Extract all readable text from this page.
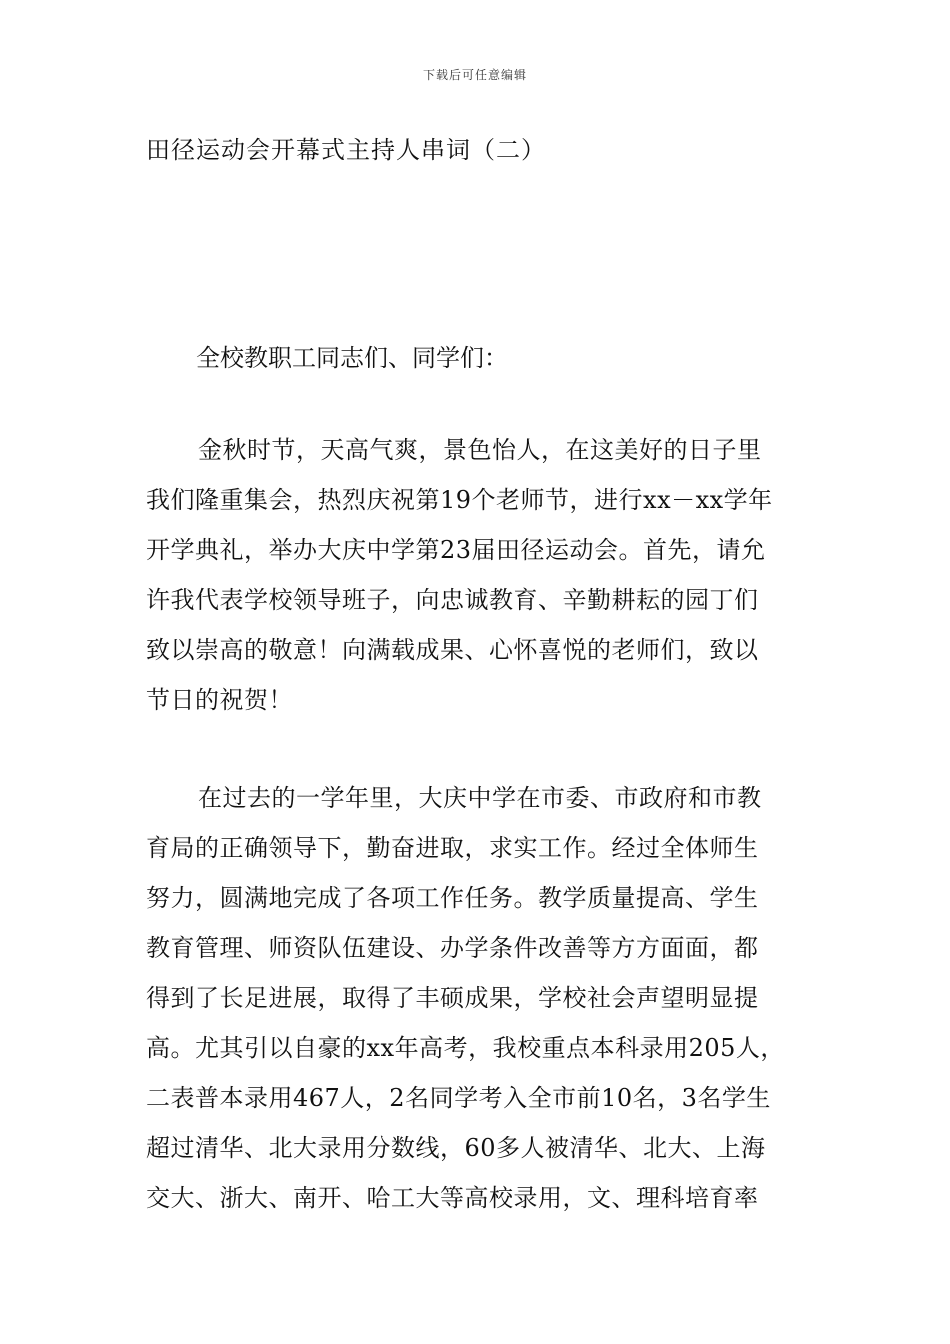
下载后可任意编辑
田径运动会开幕式主持人串词（二）
全校教职工同志们、同学们：
金秋时节，天高气爽，景色怡人，在这美好的日子里
我们隆重集会，热烈庆祝第19个老师节，进行xx－xx学年
开学典礼，举办大庆中学第23届田径运动会。首先，请允
许我代表学校领导班子，向忠诚教育、辛勤耕耘的园丁们
致以崇高的敬意！向满载成果、心怀喜悦的老师们，致以
节日的祝贺！
在过去的一学年里，大庆中学在市委、市政府和市教
育局的正确领导下，勤奋进取，求实工作。经过全体师生
努力，圆满地完成了各项工作任务。教学质量提高、学生
教育管理、师资队伍建设、办学条件改善等方方面面，都
得到了长足进展，取得了丰硕成果，学校社会声望明显提
高。尤其引以自豪的xx年高考，我校重点本科录用205人，
二表普本录用467人，2名同学考入全市前10名，3名学生
超过清华、北大录用分数线，60多人被清华、北大、上海
交大、浙大、南开、哈工大等高校录用，文、理科培育率
